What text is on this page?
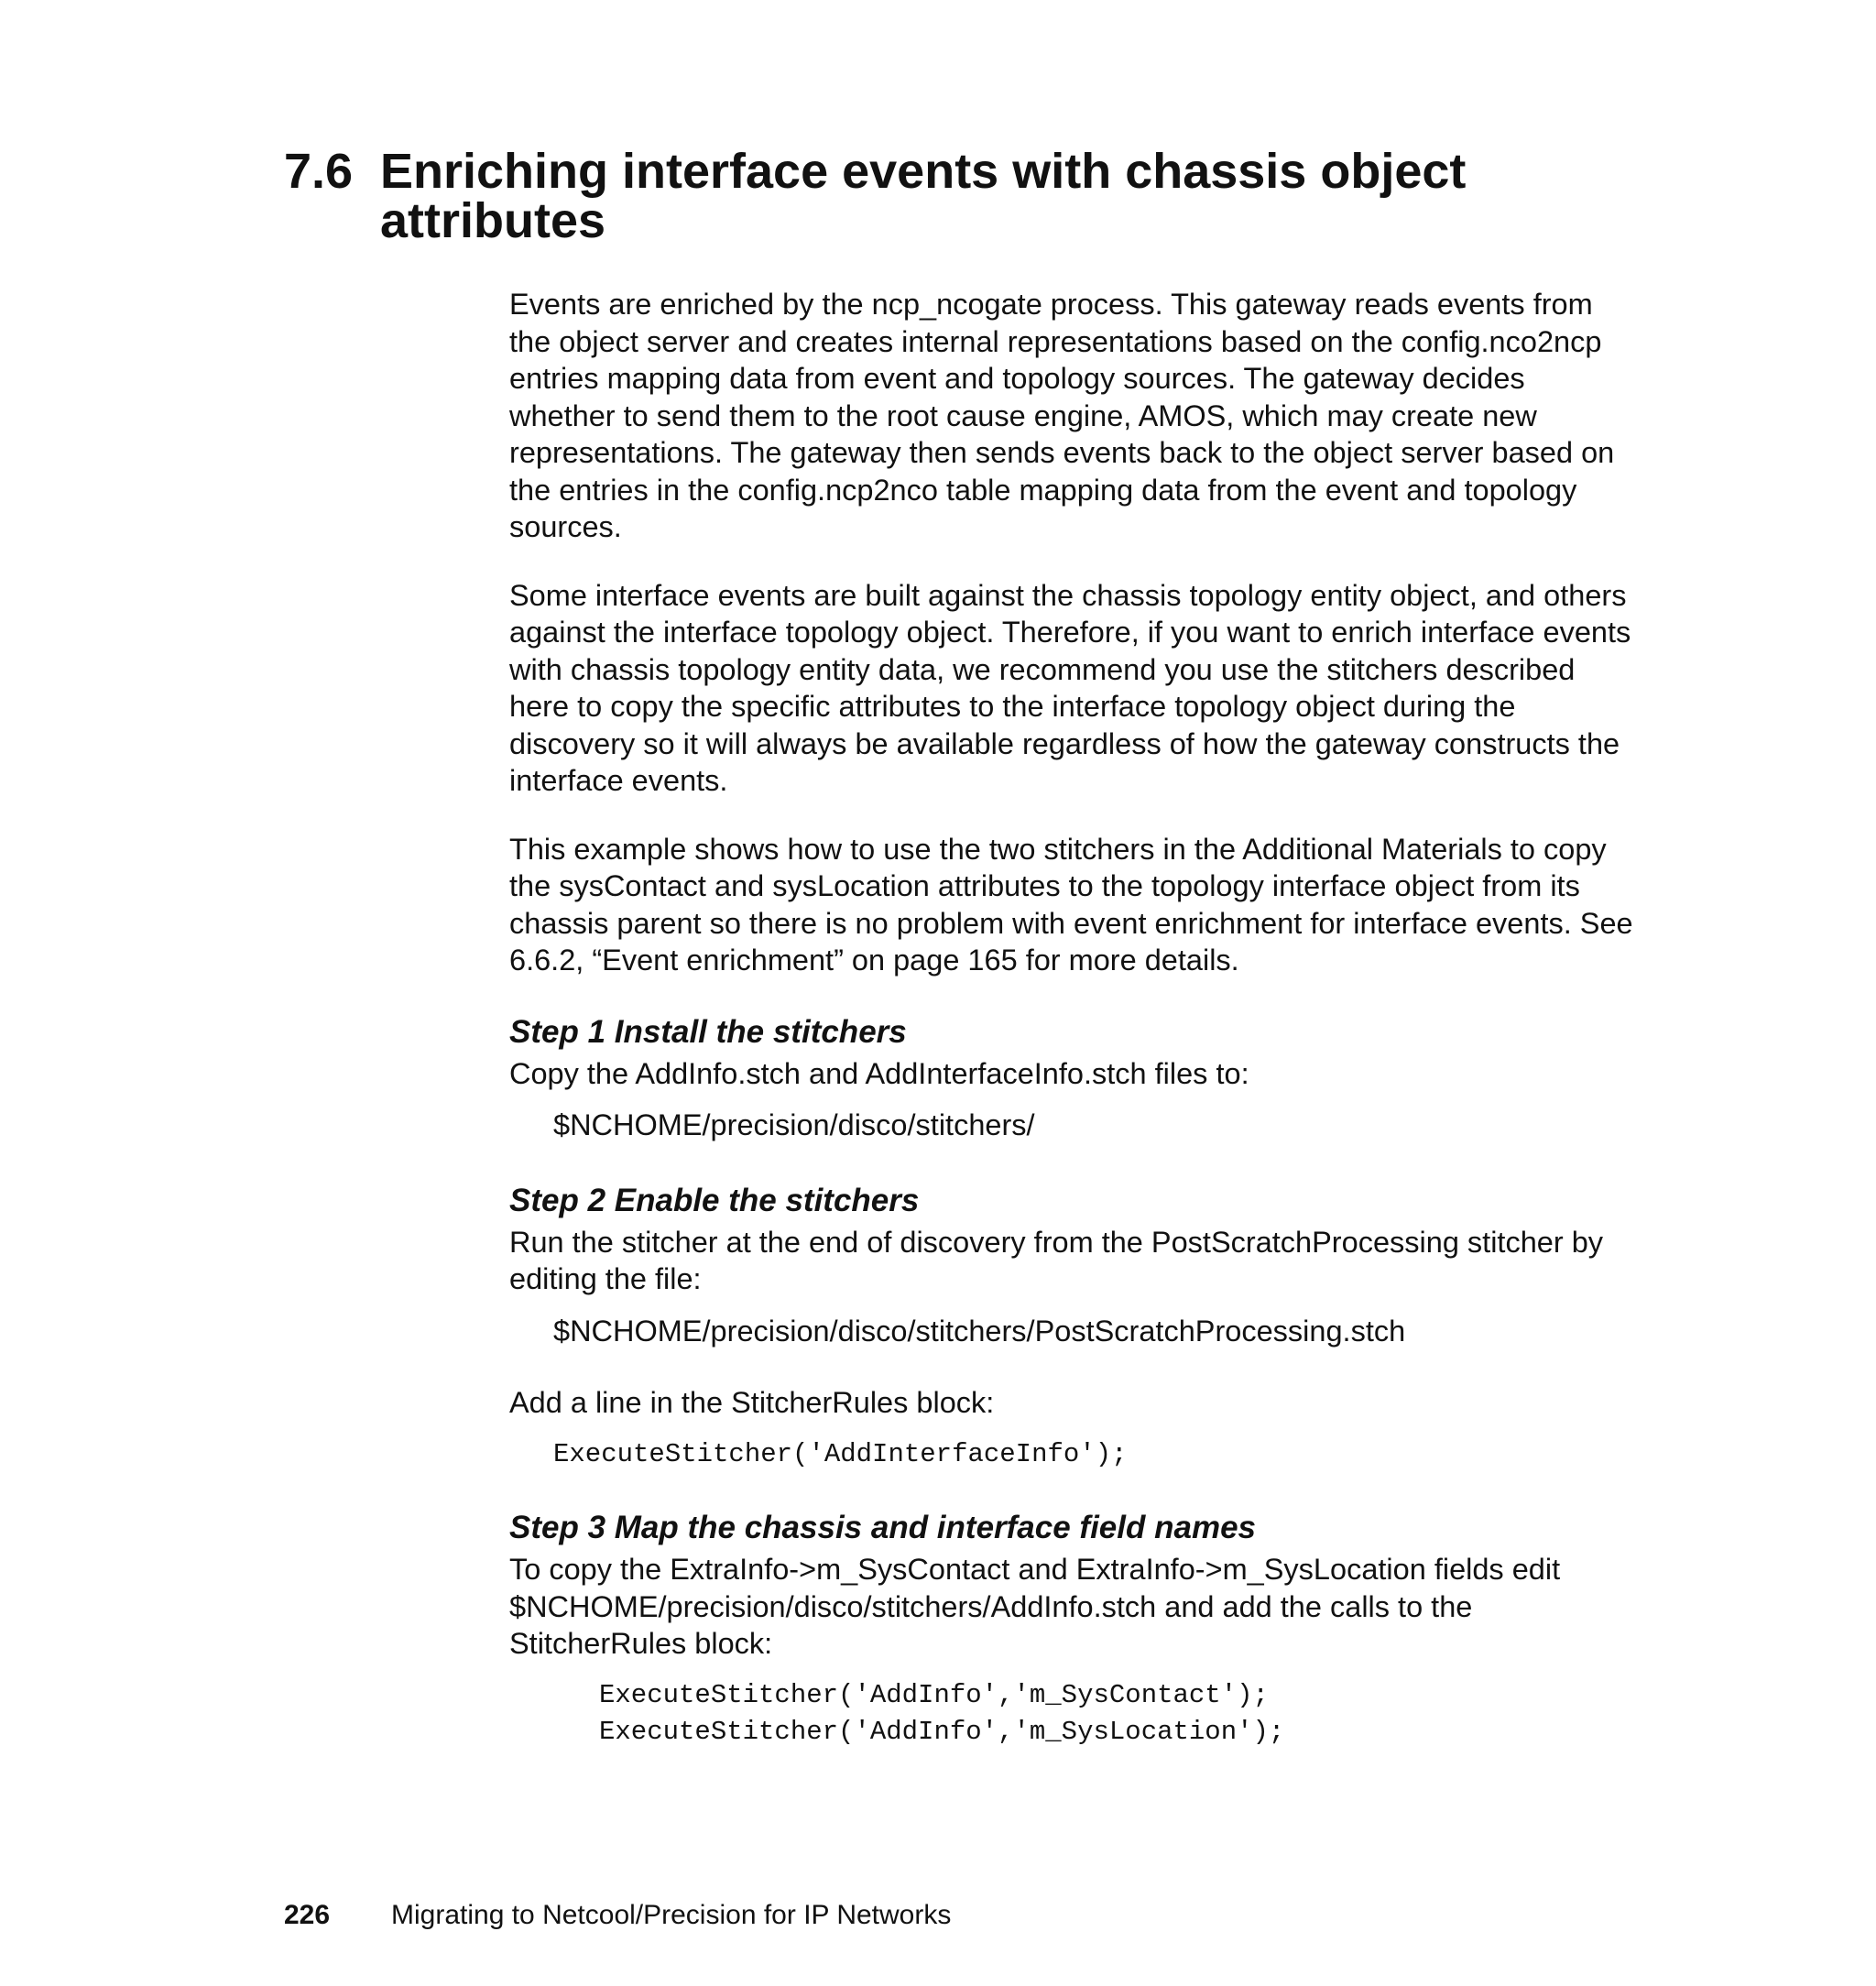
7.6 Enriching interface events with chassis object attributes

Events are enriched by the ncp_ncogate process. This gateway reads events from the object server and creates internal representations based on the config.nco2ncp entries mapping data from event and topology sources. The gateway decides whether to send them to the root cause engine, AMOS, which may create new representations. The gateway then sends events back to the object server based on the entries in the config.ncp2nco table mapping data from the event and topology sources.

Some interface events are built against the chassis topology entity object, and others against the interface topology object. Therefore, if you want to enrich interface events with chassis topology entity data, we recommend you use the stitchers described here to copy the specific attributes to the interface topology object during the discovery so it will always be available regardless of how the gateway constructs the interface events.

This example shows how to use the two stitchers in the Additional Materials to copy the sysContact and sysLocation attributes to the topology interface object from its chassis parent so there is no problem with event enrichment for interface events. See 6.6.2, “Event enrichment” on page 165 for more details.

Step 1 Install the stitchers
Copy the AddInfo.stch and AddInterfaceInfo.stch files to:
$NCHOME/precision/disco/stitchers/
Step 2 Enable the stitchers
Run the stitcher at the end of discovery from the PostScratchProcessing stitcher by editing the file:
$NCHOME/precision/disco/stitchers/PostScratchProcessing.stch
Add a line in the StitcherRules block:
ExecuteStitcher('AddInterfaceInfo');
Step 3 Map the chassis and interface field names
To copy the ExtraInfo->m_SysContact and ExtraInfo->m_SysLocation fields edit $NCHOME/precision/disco/stitchers/AddInfo.stch and add the calls to the StitcherRules block:
ExecuteStitcher('AddInfo','m_SysContact');
ExecuteStitcher('AddInfo','m_SysLocation');
226 Migrating to Netcool/Precision for IP Networks
